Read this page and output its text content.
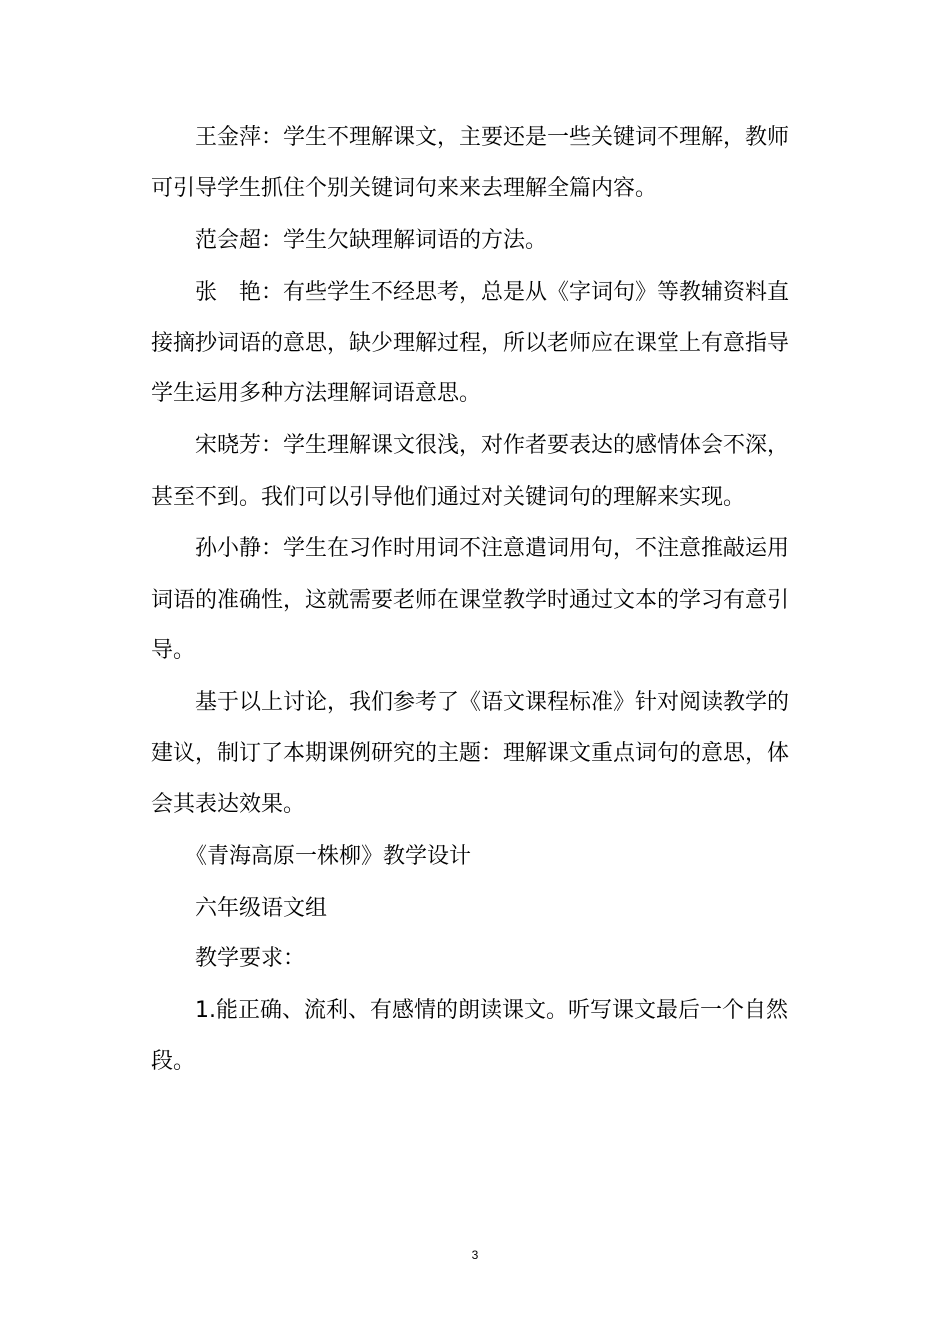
王金萍：学生不理解课文，主要还是一些关键词不理解，教师
可引导学生抓住个别关键词句来来去理解全篇内容。
范会超：学生欠缺理解词语的方法。
张　艳：有些学生不经思考，总是从《字词句》等教辅资料直
接摘抄词语的意思，缺少理解过程，所以老师应在课堂上有意指导
学生运用多种方法理解词语意思。
宋晓芳：学生理解课文很浅，对作者要表达的感情体会不深，
甚至不到。我们可以引导他们通过对关键词句的理解来实现。
孙小静：学生在习作时用词不注意遣词用句，不注意推敲运用
词语的准确性，这就需要老师在课堂教学时通过文本的学习有意引
导。
基于以上讨论，我们参考了《语文课程标准》针对阅读教学的
建议，制订了本期课例研究的主题：理解课文重点词句的意思，体
会其表达效果。
《青海高原一株柳》教学设计
六年级语文组
教学要求：
1.能正确、流利、有感情的朗读课文。听写课文最后一个自然
段。
3
